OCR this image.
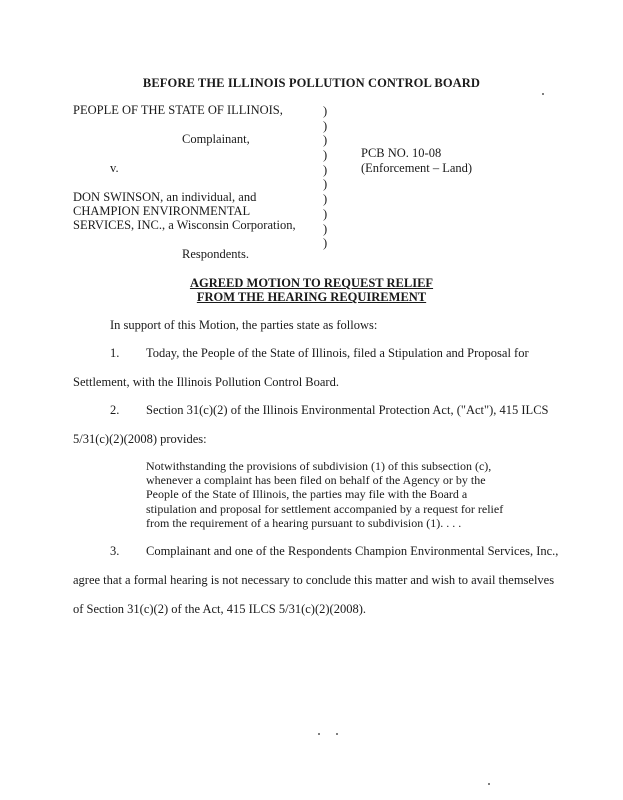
BEFORE THE ILLINOIS POLLUTION CONTROL BOARD
PEOPLE OF THE STATE OF ILLINOIS,
Complainant,
v.
DON SWINSON, an individual, and
CHAMPION ENVIRONMENTAL
SERVICES, INC., a Wisconsin Corporation,
Respondents.
)
)
)
)
)
)
)
)
)
)
PCB NO. 10-08
(Enforcement – Land)
AGREED MOTION TO REQUEST RELIEF
FROM THE HEARING REQUIREMENT
In support of this Motion, the parties state as follows:
1. Today, the People of the State of Illinois, filed a Stipulation and Proposal for
Settlement, with the Illinois Pollution Control Board.
2. Section 31(c)(2) of the Illinois Environmental Protection Act, ("Act"), 415 ILCS
5/31(c)(2)(2008) provides:
Notwithstanding the provisions of subdivision (1) of this subsection (c),
whenever a complaint has been filed on behalf of the Agency or by the
People of the State of Illinois, the parties may file with the Board a
stipulation and proposal for settlement accompanied by a request for relief
from the requirement of a hearing pursuant to subdivision (1). . . .
3. Complainant and one of the Respondents Champion Environmental Services, Inc.,
agree that a formal hearing is not necessary to conclude this matter and wish to avail themselves
of Section 31(c)(2) of the Act, 415 ILCS 5/31(c)(2)(2008).
